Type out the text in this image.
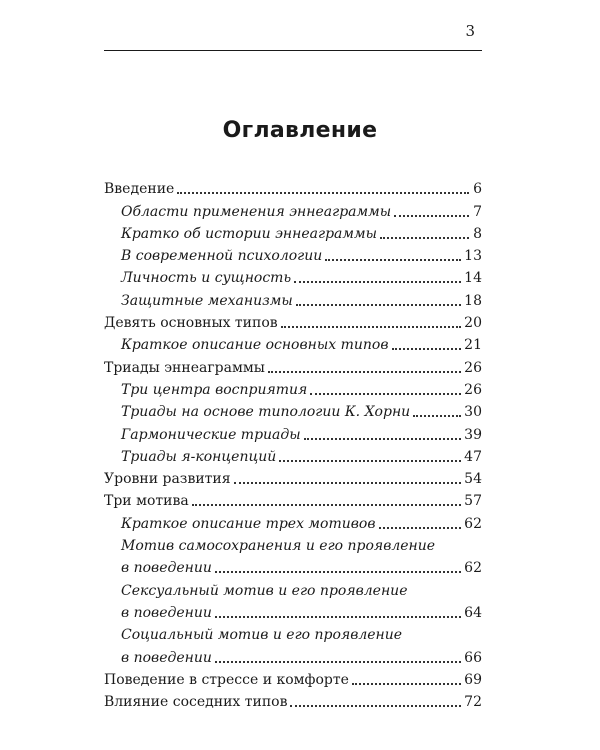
3
Оглавление
Введение	6
Области применения эннеаграммы	7
Кратко об истории эннеаграммы	8
В современной психологии	13
Личность и сущность	14
Защитные механизмы	18
Девять основных типов	20
Краткое описание основных типов	21
Триады эннеаграммы	26
Три центра восприятия	26
Триады на основе типологии К. Хорни	30
Гармонические триады	39
Триады я-концепций	47
Уровни развития	54
Три мотива	57
Краткое описание трех мотивов	62
Мотив самосохранения и его проявление
в поведении	62
Сексуальный мотив и его проявление
в поведении	64
Социальный мотив и его проявление
в поведении	66
Поведение в стрессе и комфорте	69
Влияние соседних типов	72
